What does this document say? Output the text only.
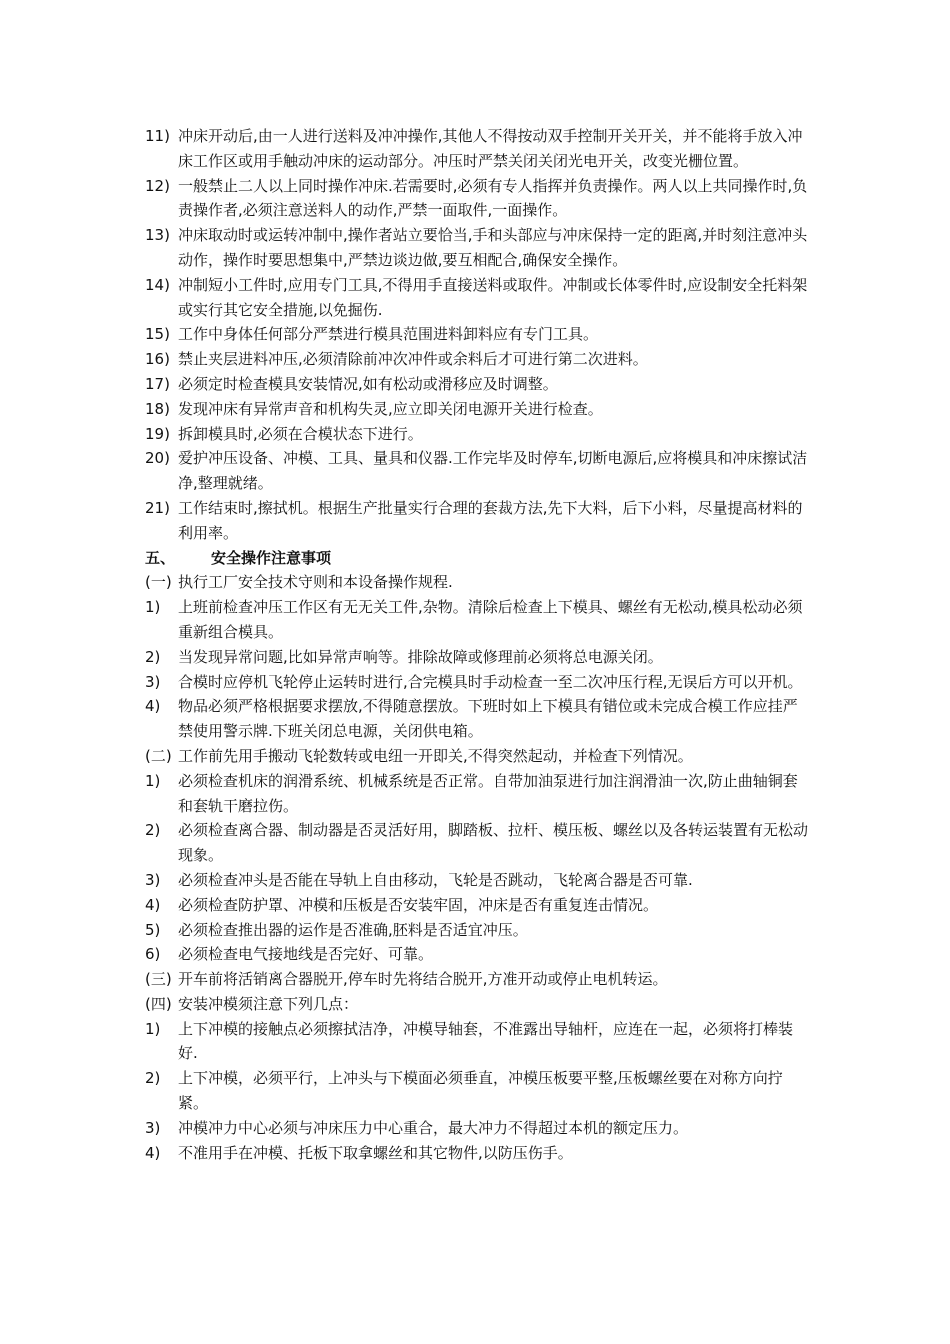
11) 冲床开动后,由一人进行送料及冲冲操作,其他人不得按动双手控制开关开关，并不能将手放入冲床工作区或用手触动冲床的运动部分。冲压时严禁关闭关闭光电开关，改变光栅位置。
12) 一般禁止二人以上同时操作冲床.若需要时,必须有专人指挥并负责操作。两人以上共同操作时,负责操作者,必须注意送料人的动作,严禁一面取件,一面操作。
13) 冲床取动时或运转冲制中,操作者站立要恰当,手和头部应与冲床保持一定的距离,并时刻注意冲头动作，操作时要思想集中,严禁边谈边做,要互相配合,确保安全操作。
14) 冲制短小工件时,应用专门工具,不得用手直接送料或取件。冲制或长体零件时,应设制安全托料架或实行其它安全措施,以免掘伤.
15) 工作中身体任何部分严禁进行模具范围进料卸料应有专门工具。
16) 禁止夹层进料冲压,必须清除前冲次冲件或余料后才可进行第二次进料。
17) 必须定时检查模具安装情况,如有松动或滑移应及时调整。
18) 发现冲床有异常声音和机构失灵,应立即关闭电源开关进行检查。
19) 拆卸模具时,必须在合模状态下进行。
20) 爱护冲压设备、冲模、工具、量具和仪器.工作完毕及时停车,切断电源后,应将模具和冲床擦试洁净,整理就绪。
21) 工作结束时,擦拭机。根据生产批量实行合理的套裁方法,先下大料，后下小料，尽量提高材料的利用率。
五、	安全操作注意事项
(一) 执行工厂安全技术守则和本设备操作规程.
1)	上班前检查冲压工作区有无无关工件,杂物。清除后检查上下模具、螺丝有无松动,模具松动必须重新组合模具。
2)	当发现异常问题,比如异常声响等。排除故障或修理前必须将总电源关闭。
3)	合模时应停机飞轮停止运转时进行,合完模具时手动检查一至二次冲压行程,无误后方可以开机。
4)	物品必须严格根据要求摆放,不得随意摆放。下班时如上下模具有错位或未完成合模工作应挂严禁使用警示牌.下班关闭总电源，关闭供电箱。
(二) 工作前先用手搬动飞轮数转或电纽一开即关,不得突然起动，并检查下列情况。
1)	必须检查机床的润滑系统、机械系统是否正常。自带加油泵进行加注润滑油一次,防止曲轴铜套和套轨干磨拉伤。
2)	必须检查离合器、制动器是否灵活好用，脚踏板、拉杆、模压板、螺丝以及各转运装置有无松动现象。
3)	必须检查冲头是否能在导轨上自由移动，飞轮是否跳动，飞轮离合器是否可靠.
4)	必须检查防护罩、冲模和压板是否安装牢固，冲床是否有重复连击情况。
5)	必须检查推出器的运作是否准确,胚料是否适宜冲压。
6)	必须检查电气接地线是否完好、可靠。
(三) 开车前将活销离合器脱开,停车时先将结合脱开,方准开动或停止电机转运。
(四) 安装冲模须注意下列几点：
1)	上下冲模的接触点必须擦拭洁净，冲模导轴套，不准露出导轴杆，应连在一起，必须将打棒装好.
2)	上下冲模，必须平行，上冲头与下模面必须垂直，冲模压板要平整,压板螺丝要在对称方向拧紧。
3)	冲模冲力中心必须与冲床压力中心重合，最大冲力不得超过本机的额定压力。
4)	不准用手在冲模、托板下取拿螺丝和其它物件,以防压伤手。
